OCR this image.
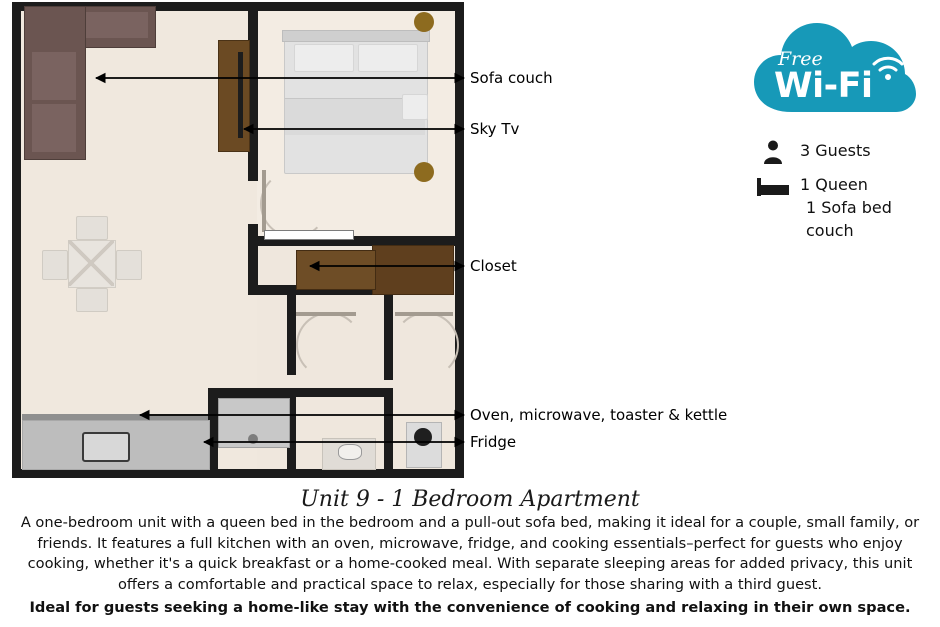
Sofa couch
Sky Tv
Closet
Oven, microwave, toaster & kettle
Fridge
Free
Wi-Fi
3 Guests
1 Queen
1 Sofa bed
couch
Unit 9 - 1 Bedroom Apartment
A one-bedroom unit with a queen bed in the bedroom and a pull-out sofa bed, making it ideal for a couple, small family, or friends. It features a full kitchen with an oven, microwave, fridge, and cooking essentials–perfect for guests who enjoy cooking, whether it's a quick breakfast or a home-cooked meal. With separate sleeping areas for added privacy, this unit offers a comfortable and practical space to relax, especially for those sharing with a third guest.
Ideal for guests seeking a home-like stay with the convenience of cooking and relaxing in their own space.
